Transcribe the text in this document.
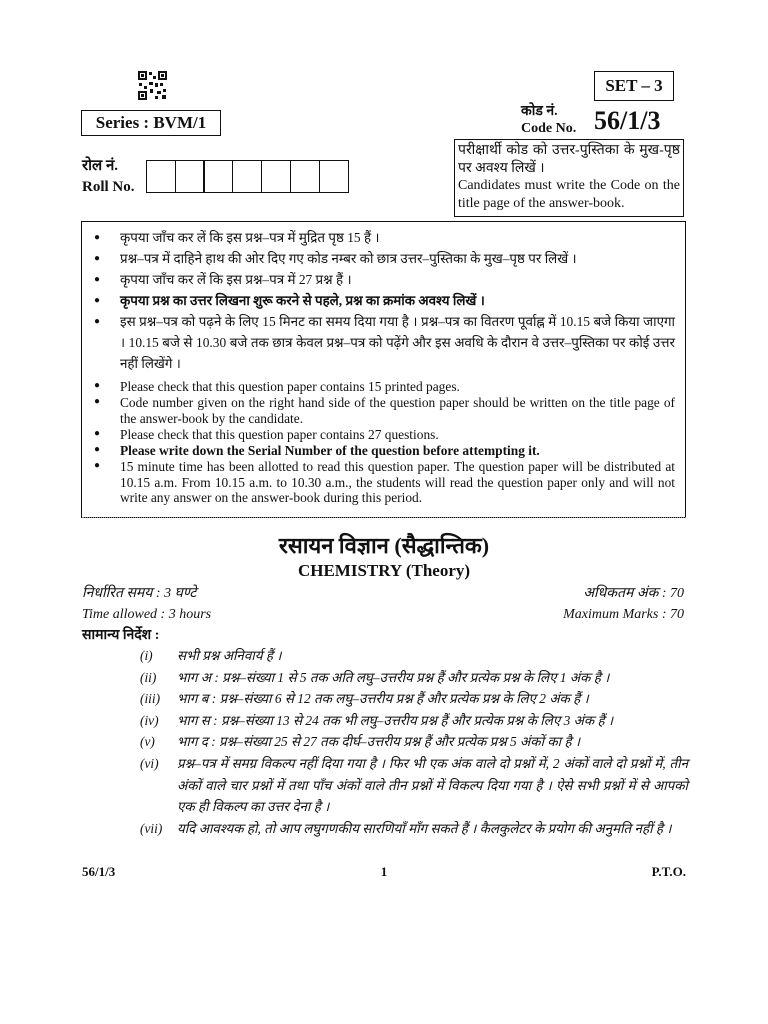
SET – 3
Series : BVM/1
कोड नं.
Code No. 56/1/3
रोल नं.
Roll No.
परीक्षार्थी कोड को उत्तर-पुस्तिका के मुख-पृष्ठ पर अवश्य लिखें ।
Candidates must write the Code on the title page of the answer-book.
● कृपया जाँच कर लें कि इस प्रश्न–पत्र में मुद्रित पृष्ठ 15 हैं ।
● प्रश्न–पत्र में दाहिने हाथ की ओर दिए गए कोड नम्बर को छात्र उत्तर–पुस्तिका के मुख–पृष्ठ पर लिखें ।
● कृपया जाँच कर लें कि इस प्रश्न–पत्र में 27 प्रश्न हैं ।
● कृपया प्रश्न का उत्तर लिखना शुरू करने से पहले, प्रश्न का क्रमांक अवश्य लिखें ।
● इस प्रश्न–पत्र को पढ़ने के लिए 15 मिनट का समय दिया गया है । प्रश्न–पत्र का वितरण पूर्वाह्न में 10.15 बजे किया जाएगा । 10.15 बजे से 10.30 बजे तक छात्र केवल प्रश्न–पत्र को पढ़ेंगे और इस अवधि के दौरान वे उत्तर–पुस्तिका पर कोई उत्तर नहीं लिखेंगे ।
● Please check that this question paper contains 15 printed pages.
● Code number given on the right hand side of the question paper should be written on the title page of the answer-book by the candidate.
● Please check that this question paper contains 27 questions.
● Please write down the Serial Number of the question before attempting it.
● 15 minute time has been allotted to read this question paper. The question paper will be distributed at 10.15 a.m. From 10.15 a.m. to 10.30 a.m., the students will read the question paper only and will not write any answer on the answer-book during this period.
रसायन विज्ञान (सैद्धान्तिक)
CHEMISTRY (Theory)
निर्धारित समय : 3 घण्टे
Time allowed : 3 hours
अधिकतम अंक : 70
Maximum Marks : 70
सामान्य निर्देश :
(i)	सभी प्रश्न अनिवार्य हैं ।
(ii)	भाग अ : प्रश्न–संख्या 1 से 5 तक अति लघु–उत्तरीय प्रश्न हैं और प्रत्येक प्रश्न के लिए 1 अंक है ।
(iii)	भाग ब : प्रश्न–संख्या 6 से 12 तक लघु–उत्तरीय प्रश्न हैं और प्रत्येक प्रश्न के लिए 2 अंक हैं ।
(iv)	भाग स : प्रश्न–संख्या 13 से 24 तक भी लघु–उत्तरीय प्रश्न हैं और प्रत्येक प्रश्न के लिए 3 अंक हैं ।
(v)	भाग द : प्रश्न–संख्या 25 से 27 तक दीर्घ–उत्तरीय प्रश्न हैं और प्रत्येक प्रश्न 5 अंकों का है ।
(vi)	प्रश्न–पत्र में समग्र विकल्प नहीं दिया गया है । फिर भी एक अंक वाले दो प्रश्नों में, 2 अंकों वाले दो प्रश्नों में, तीन अंकों वाले चार प्रश्नों में तथा पाँच अंकों वाले तीन प्रश्नों में विकल्प दिया गया है । ऐसे सभी प्रश्नों में से आपको एक ही विकल्प का उत्तर देना है ।
(vii)	यदि आवश्यक हो, तो आप लघुगणकीय सारणियाँ माँग सकते हैं । कैलकुलेटर के प्रयोग की अनुमति नहीं है ।
56/1/3	1	P.T.O.
